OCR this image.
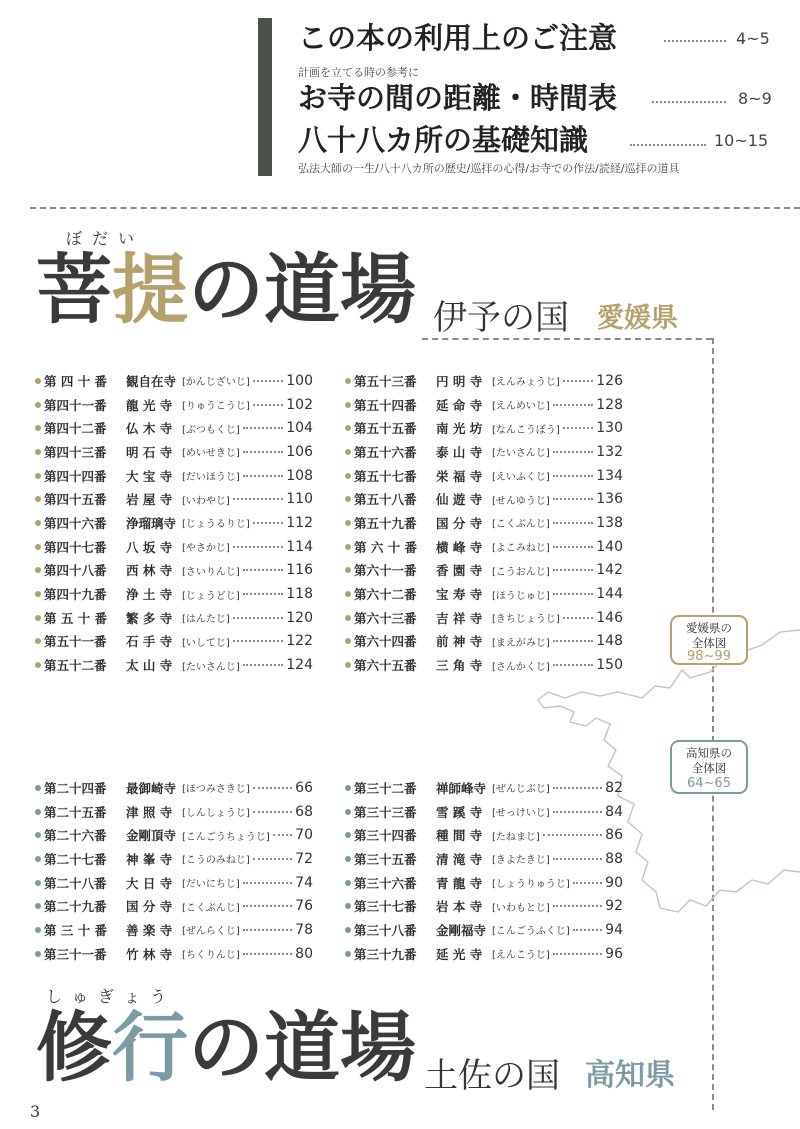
この本の利用上のご注意	4~5
計画を立てる時の参考に
お寺の間の距離・時間表	8~9
八十八カ所の基礎知識	10~15
弘法大師の一生/八十八カ所の歴史/巡拝の心得/お寺での作法/読経/巡拝の道具
愛媛県の
全体図
98~99
高知県の
全体図
64~65
ぼだい
菩提の道場 伊予の国 愛媛県
第 四 十 番	観自在寺 [かんじざいじ]	100
第四十一番	龍 光 寺 [りゅうこうじ]	102
第四十二番	仏 木 寺 [ぶつもくじ]	104
第四十三番	明 石 寺 [めいせきじ]	106
第四十四番	大 宝 寺 [だいほうじ]	108
第四十五番	岩 屋 寺 [いわやじ]	110
第四十六番	浄瑠璃寺 [じょうるりじ]	112
第四十七番	八 坂 寺 [やさかじ]	114
第四十八番	西 林 寺 [さいりんじ]	116
第四十九番	浄 土 寺 [じょうどじ]	118
第 五 十 番	繁 多 寺 [はんたじ]	120
第五十一番	石 手 寺 [いしてじ]	122
第五十二番	太 山 寺 [たいさんじ]	124
第五十三番	円 明 寺 [えんみょうじ]	126
第五十四番	延 命 寺 [えんめいじ]	128
第五十五番	南 光 坊 [なんこうぼう]	130
第五十六番	泰 山 寺 [たいさんじ]	132
第五十七番	栄 福 寺 [えいふくじ]	134
第五十八番	仙 遊 寺 [せんゆうじ]	136
第五十九番	国 分 寺 [こくぶんじ]	138
第 六 十 番	横 峰 寺 [よこみねじ]	140
第六十一番	香 園 寺 [こうおんじ]	142
第六十二番	宝 寿 寺 [ほうじゅじ]	144
第六十三番	吉 祥 寺 [きちじょうじ]	146
第六十四番	前 神 寺 [まえがみじ]	148
第六十五番	三 角 寺 [さんかくじ]	150
第二十四番	最御崎寺 [ほつみさきじ]	66
第二十五番	津 照 寺 [しんしょうじ]	68
第二十六番	金剛頂寺 [こんごうちょうじ] 70
第二十七番	神 峯 寺 [こうのみねじ]	72
第二十八番	大 日 寺 [だいにちじ]	74
第二十九番	国 分 寺 [こくぶんじ]	76
第 三 十 番	善 楽 寺 [ぜんらくじ]	78
第三十一番	竹 林 寺 [ちくりんじ]	80
第三十二番	禅師峰寺 [ぜんじぶじ]	82
第三十三番	雪 蹊 寺 [せっけいじ]	84
第三十四番	種 間 寺 [たねまじ]	86
第三十五番	清 滝 寺 [きよたきじ]	88
第三十六番	青 龍 寺 [しょうりゅうじ]	90
第三十七番	岩 本 寺 [いわもとじ]	92
第三十八番	金剛福寺 [こんごうふくじ]	94
第三十九番	延 光 寺 [えんこうじ]	96
しゅぎょう
修行の道場 土佐の国 高知県
3
